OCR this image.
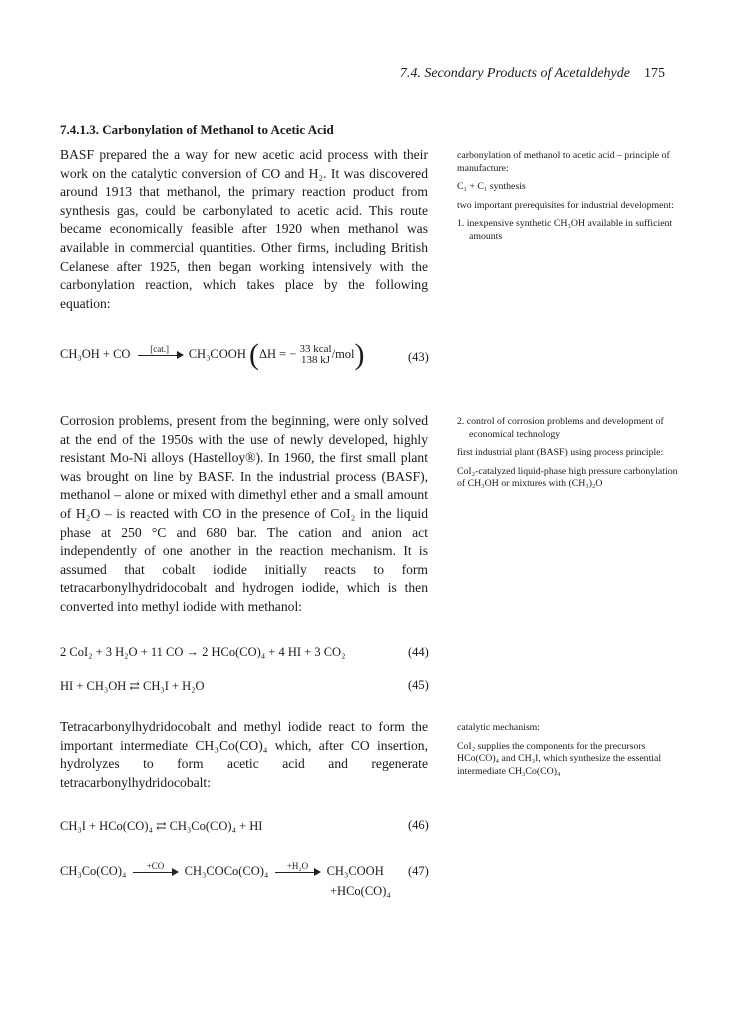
7.4. Secondary Products of Acetaldehyde 175
7.4.1.3. Carbonylation of Methanol to Acetic Acid
BASF prepared the a way for new acetic acid process with their work on the catalytic conversion of CO and H₂. It was discovered around 1913 that methanol, the primary reaction product from synthesis gas, could be carbonylated to acetic acid. This route became economically feasible after 1920 when methanol was available in commercial quantities. Other firms, including British Celanese after 1925, then began working intensively with the carbonylation reaction, which takes place by the following equation:

carbonylation of methanol to acetic acid – principle of manufacture:

C₁ + C₁ synthesis

two important prerequisites for industrial development:

1. inexpensive synthetic CH₃OH available in sufficient amounts

CH₃OH + CO	[cat.]	CH₃COOH (ΔH = − 33 kcal
138 kJ /mol)	(43)
Corrosion problems, present from the beginning, were only solved at the end of the 1950s with the use of newly developed, highly resistant Mo-Ni alloys (Hastelloy®). In 1960, the first small plant was brought on line by BASF. In the industrial process (BASF), methanol – alone or mixed with dimethyl ether and a small amount of H₂O – is reacted with CO in the presence of CoI₂ in the liquid phase at 250 °C and 680 bar. The cation and anion act independently of one another in the reaction mechanism. It is assumed that cobalt iodide initially reacts to form tetracarbonylhydridocobalt and hydrogen iodide, which is then converted into methyl iodide with methanol:

2. control of corrosion problems and development of economical technology

first industrial plant (BASF) using process principle:

CoI₂-catalyzed liquid-phase high pressure carbonylation of CH₃OH or mixtures with (CH₃)₂O

2 CoI₂ + 3 H₂O + 11 CO → 2 HCo(CO)₄ + 4 HI + 3 CO₂	(44)
HI + CH₃OH ⇄ CH₃I + H₂O	(45)
Tetracarbonylhydridocobalt and methyl iodide react to form the important intermediate CH₃Co(CO)₄ which, after CO insertion, hydrolyzes to form acetic acid and regenerate tetracarbonylhydridocobalt:

catalytic mechanism:

CoI₂ supplies the components for the precursors HCo(CO)₄ and CH₃I, which synthesize the essential intermediate CH₃Co(CO)₄

CH₃I + HCo(CO)₄ ⇄ CH₃Co(CO)₄ + HI	(46)
CH₃Co(CO)₄	+CO	CH₃COCo(CO)₄	+H₂O	CH₃COOH
+HCo(CO)₄
(47)
